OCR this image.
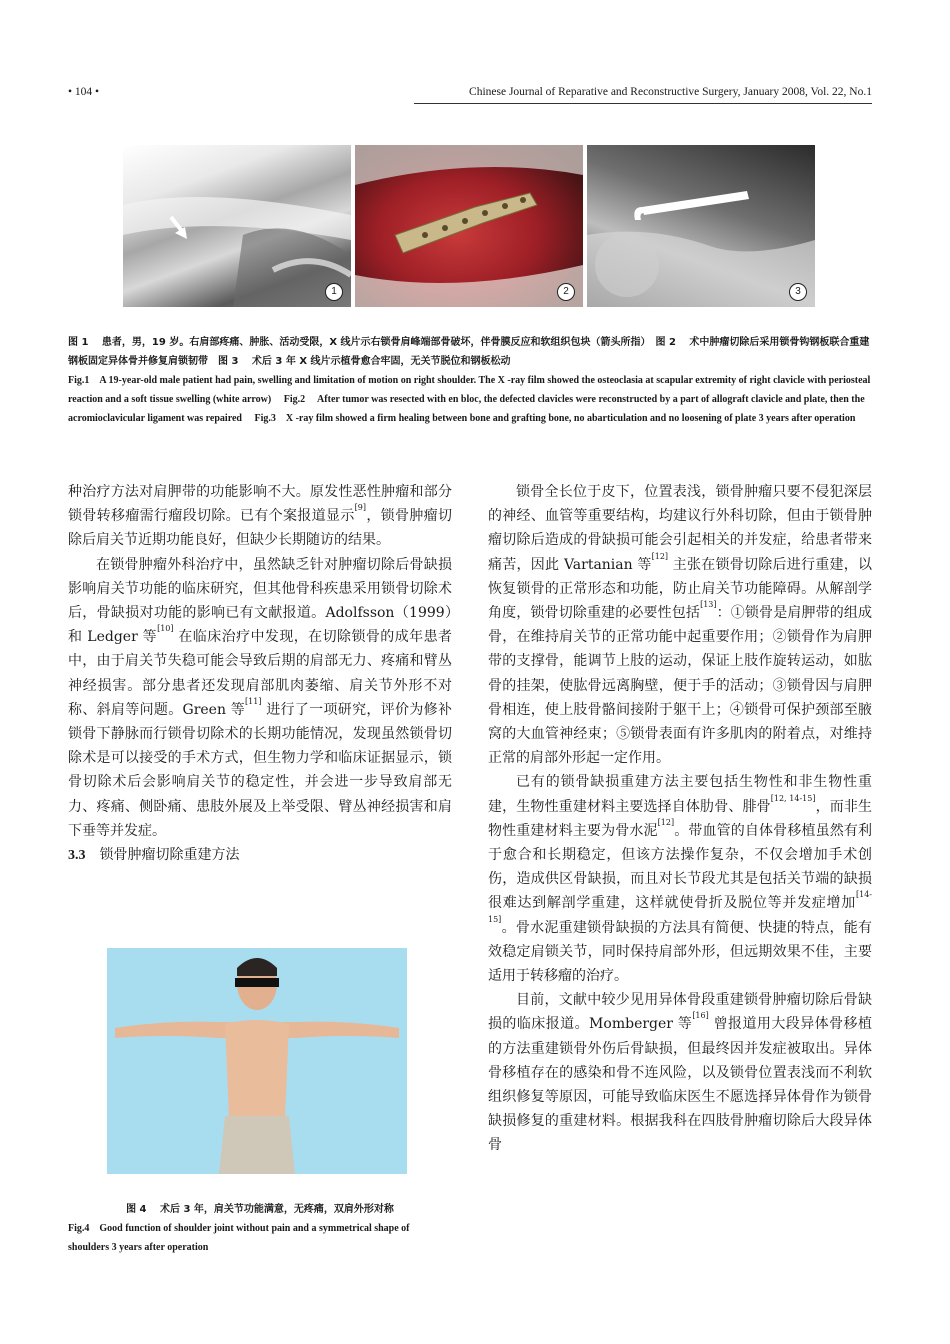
• 104 •	Chinese Journal of Reparative and Reconstructive Surgery, January 2008, Vol. 22, No.1
1	2	3
图 1　 患者，男，19 岁。右肩部疼痛、肿胀、活动受限，X 线片示右锁骨肩峰端部骨破坏，伴骨膜反应和软组织包块（箭头所指）　图 2　 术中肿瘤切除后采用锁骨钩钢板联合重建钢板固定异体骨并修复肩锁韧带　图 3　 术后 3 年 X 线片示植骨愈合牢固，无关节脱位和钢板松动
Fig.1　A 19-year-old male patient had pain, swelling and limitation of motion on right shoulder. The X -ray film showed the osteoclasia at scapular extremity of right clavicle with periosteal reaction and a soft tissue swelling (white arrow)　 Fig.2　 After tumor was resected with en bloc, the defected clavicles were reconstructed by a part of allograft clavicle and plate, then the acromioclavicular ligament was repaired　 Fig.3　X -ray film showed a firm healing between bone and grafting bone, no abarticulation and no loosening of plate 3 years after operation

种治疗方法对肩胛带的功能影响不大。原发性恶性肿瘤和部分锁骨转移瘤需行瘤段切除。已有个案报道显示[9]，锁骨肿瘤切除后肩关节近期功能良好，但缺少长期随访的结果。

在锁骨肿瘤外科治疗中，虽然缺乏针对肿瘤切除后骨缺损影响肩关节功能的临床研究，但其他骨科疾患采用锁骨切除术后，骨缺损对功能的影响已有文献报道。Adolfsson（1999）和 Ledger 等[10] 在临床治疗中发现，在切除锁骨的成年患者中，由于肩关节失稳可能会导致后期的肩部无力、疼痛和臂丛神经损害。部分患者还发现肩部肌肉萎缩、肩关节外形不对称、斜肩等问题。Green 等[11] 进行了一项研究，评价为修补锁骨下静脉而行锁骨切除术的长期功能情况，发现虽然锁骨切除术是可以接受的手术方式，但生物力学和临床证据显示，锁骨切除术后会影响肩关节的稳定性，并会进一步导致肩部无力、疼痛、侧卧痛、患肢外展及上举受限、臂丛神经损害和肩下垂等并发症。

3.3 锁骨肿瘤切除重建方法

图 4　 术后 3 年，肩关节功能满意，无疼痛，双肩外形对称
Fig.4　Good function of shoulder joint without pain and a symmetrical shape of shoulders 3 years after operation

锁骨全长位于皮下，位置表浅，锁骨肿瘤只要不侵犯深层的神经、血管等重要结构，均建议行外科切除，但由于锁骨肿瘤切除后造成的骨缺损可能会引起相关的并发症，给患者带来痛苦，因此 Vartanian 等[12] 主张在锁骨切除后进行重建，以恢复锁骨的正常形态和功能，防止肩关节功能障碍。从解剖学角度，锁骨切除重建的必要性包括[13]：①锁骨是肩胛带的组成骨，在维持肩关节的正常功能中起重要作用；②锁骨作为肩胛带的支撑骨，能调节上肢的运动，保证上肢作旋转运动，如肱骨的挂架，使肱骨远离胸壁，便于手的活动；③锁骨因与肩胛骨相连，使上肢骨骼间接附于躯干上；④锁骨可保护颈部至腋窝的大血管神经束；⑤锁骨表面有许多肌肉的附着点，对维持正常的肩部外形起一定作用。

已有的锁骨缺损重建方法主要包括生物性和非生物性重建，生物性重建材料主要选择自体肋骨、腓骨[12, 14-15]，而非生物性重建材料主要为骨水泥[12]。带血管的自体骨移植虽然有利于愈合和长期稳定，但该方法操作复杂，不仅会增加手术创伤，造成供区骨缺损，而且对长节段尤其是包括关节端的缺损很难达到解剖学重建，这样就使骨折及脱位等并发症增加[14-15]。骨水泥重建锁骨缺损的方法具有简便、快捷的特点，能有效稳定肩锁关节，同时保持肩部外形，但远期效果不佳，主要适用于转移瘤的治疗。

目前，文献中较少见用异体骨段重建锁骨肿瘤切除后骨缺损的临床报道。Momberger 等[16] 曾报道用大段异体骨移植的方法重建锁骨外伤后骨缺损，但最终因并发症被取出。异体骨移植存在的感染和骨不连风险，以及锁骨位置表浅而不利软组织修复等原因，可能导致临床医生不愿选择异体骨作为锁骨缺损修复的重建材料。根据我科在四肢骨肿瘤切除后大段异体骨
